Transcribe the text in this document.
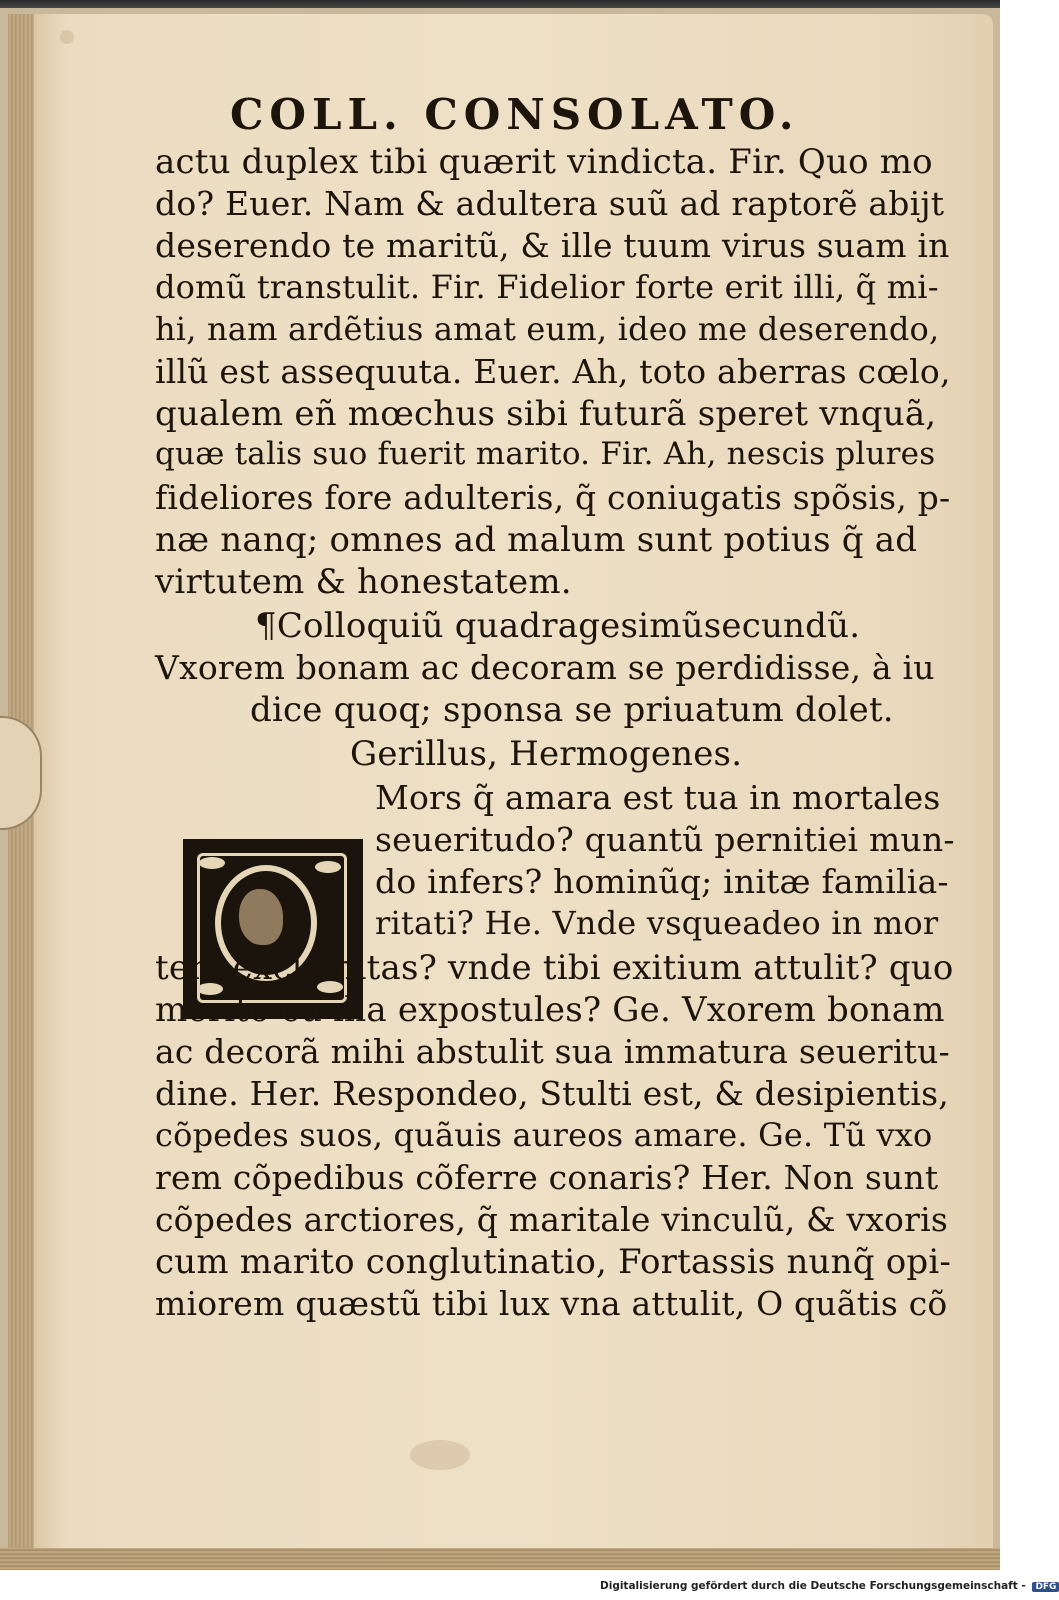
COLL. CONSOLATO.
actu duplex tibi quærit vindicta. Fir. Quo mo
do? Euer. Nam & adultera suũ ad raptorẽ abijt
deserendo te maritũ, & ille tuum virus suam in
domũ transtulit. Fir. Fidelior forte erit illi, q̃ mi-
hi, nam ardẽtius amat eum, ideo me deserendo,
illũ est assequuta. Euer. Ah, toto aberras cœlo,
qualem eñ mœchus sibi futurã speret vnquã,
quæ talis suo fuerit marito. Fir. Ah, nescis plures
fideliores fore adulteris, q̃ coniugatis spõsis, p-
næ nanq; omnes ad malum sunt potius q̃ ad
virtutem & honestatem.
¶Colloquiũ quadragesimũsecundũ.
Vxorem bonam ac decoram se perdidisse, à iu
dice quoq; sponsa se priuatum dolet.
Gerillus, Hermogenes.
Mors q̃ amara est tua in mortales
seueritudo? quantũ pernitiei mun-
do infers? hominũq; initæ familia-
ritati? He. Vnde vsqueadeo in mor
tem exclamitas? vnde tibi exitium attulit? quo
merito cũ illa expostules? Ge. Vxorem bonam
ac decorã mihi abstulit sua immatura seueritu-
dine. Her. Respondeo, Stulti est, & desipientis,
cõpedes suos, quãuis aureos amare. Ge. Tũ vxo
rem cõpedibus cõferre conaris? Her. Non sunt
cõpedes arctiores, q̃ maritale vinculũ, & vxoris
cum marito conglutinatio, Fortassis nunq̃ opi-
miorem quæstũ tibi lux vna attulit, O quãtis cõ
Digitalisierung gefördert durch die Deutsche Forschungsgemeinschaft - DFG
